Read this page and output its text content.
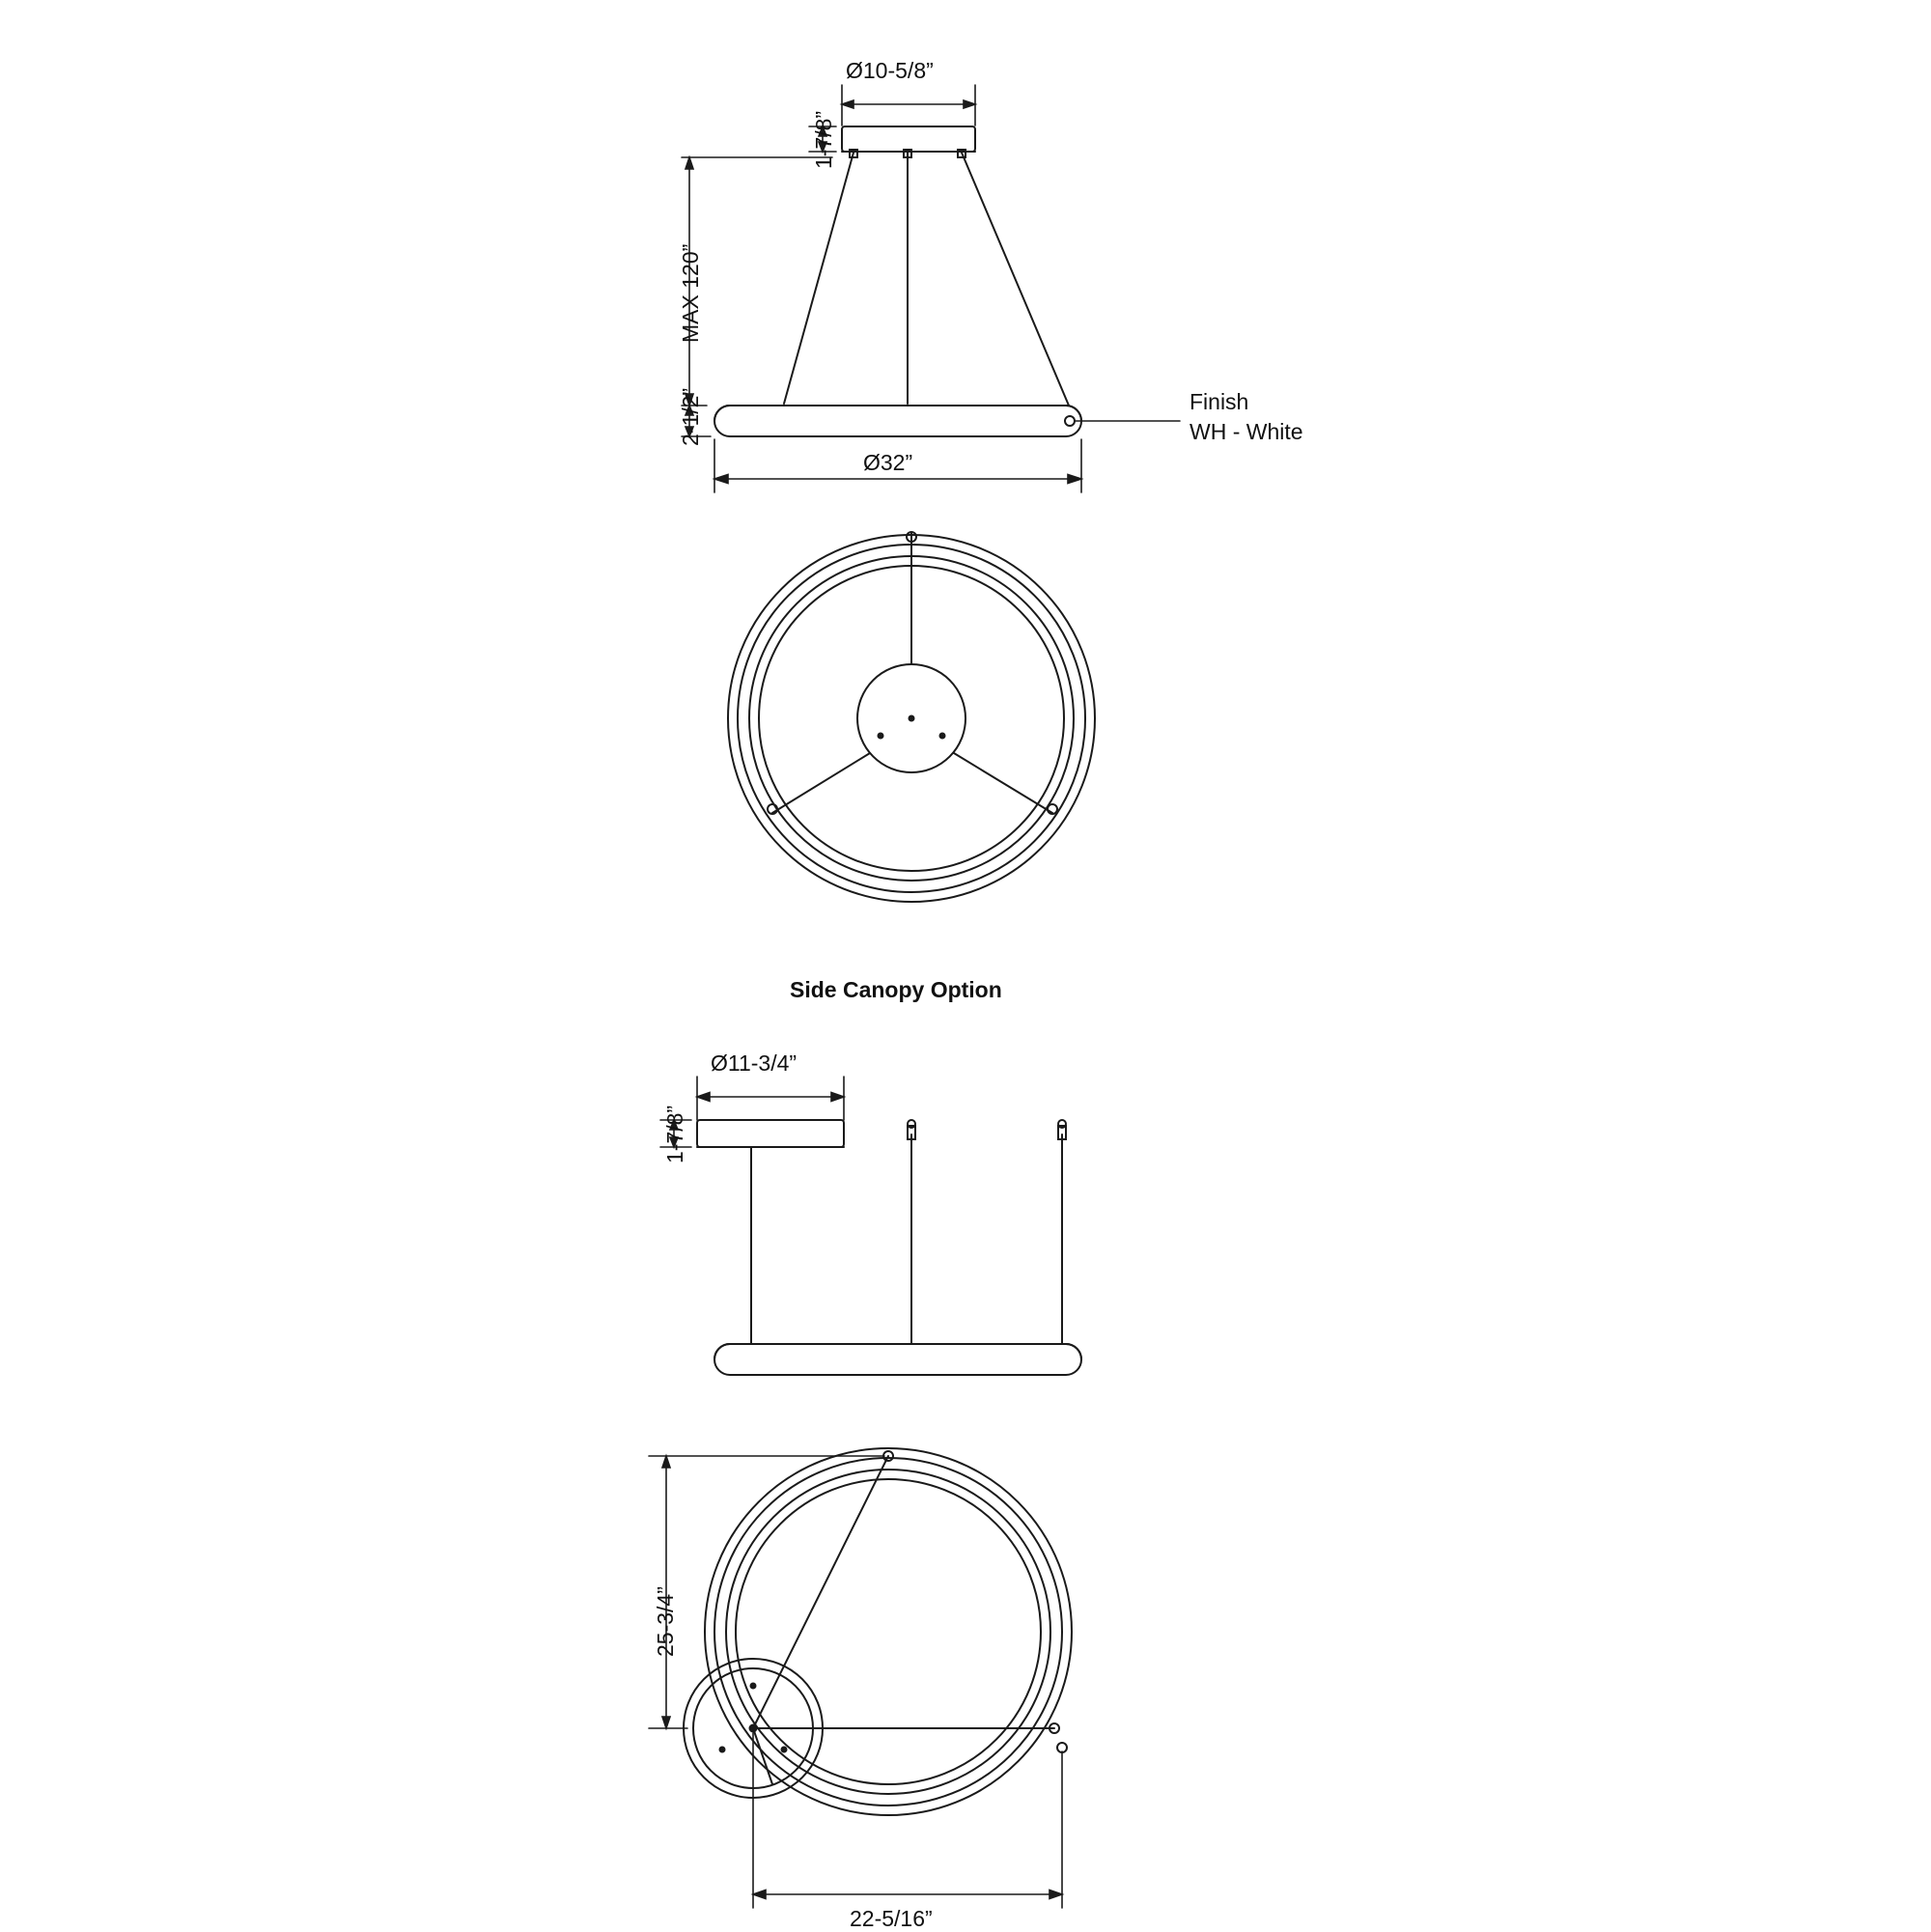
Ø10-5/8”
1-7/8”
MAX 120”
2-1/2”
Ø32”
Finish
WH - White
Side Canopy Option
Ø11-3/4”
1-7/8”
25-3/4”
22-5/16”
